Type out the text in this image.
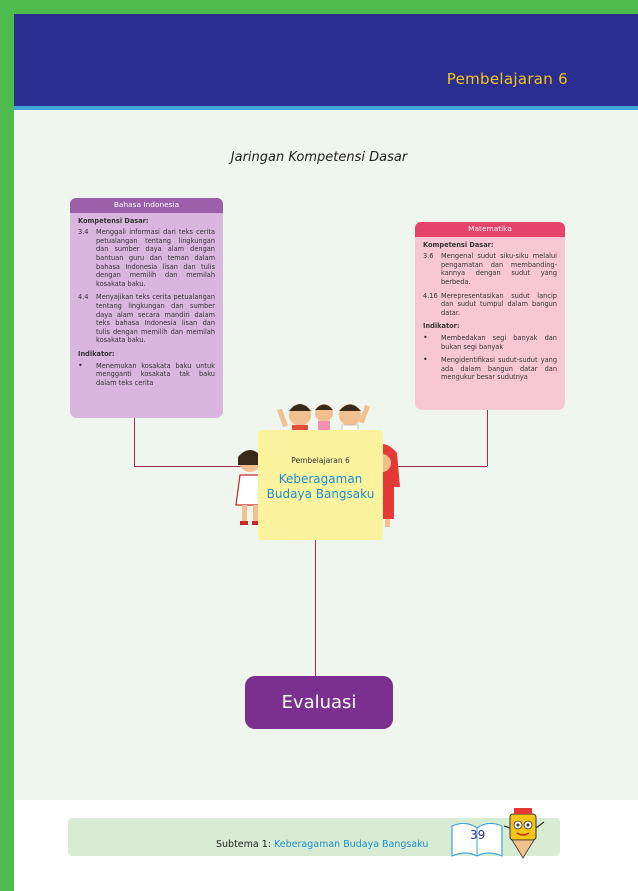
Pembelajaran 6
Jaringan Kompetensi Dasar
Bahasa Indonesia
Kompetensi Dasar:
3.4	Menggali informasi dari teks cerita petualangan tentang lingkungan dan sumber daya alam dengan bantuan guru dan teman dalam bahasa Indonesia lisan dan tulis dengan memilih dan memilah kosakata baku.
4.4	Menyajikan teks cerita petualangan tentang lingkungan dan sumber daya alam secara mandiri dalam teks bahasa Indonesia lisan dan tulis dengan memilih dan memilah kosakata baku.
Indikator:
•	Menemukan kosakata baku untuk mengganti kosakata tak baku dalam teks cerita
Matematika
Kompetensi Dasar:
3.6	Mengenal sudut siku-siku melalui pengamatan dan membanding-kannya dengan sudut yang berbeda.
4.16 Merepresentasikan sudut lancip dan sudut tumpul dalam bangun datar.
Indikator:
•	Membedakan segi banyak dan bukan segi banyak
•	Mengidentifikasi sudut-sudut yang ada dalam bangun datar dan mengukur besar sudutnya
Pembelajaran 6
Keberagaman Budaya Bangsaku
Evaluasi
Subtema 1: Keberagaman Budaya Bangsaku
39
